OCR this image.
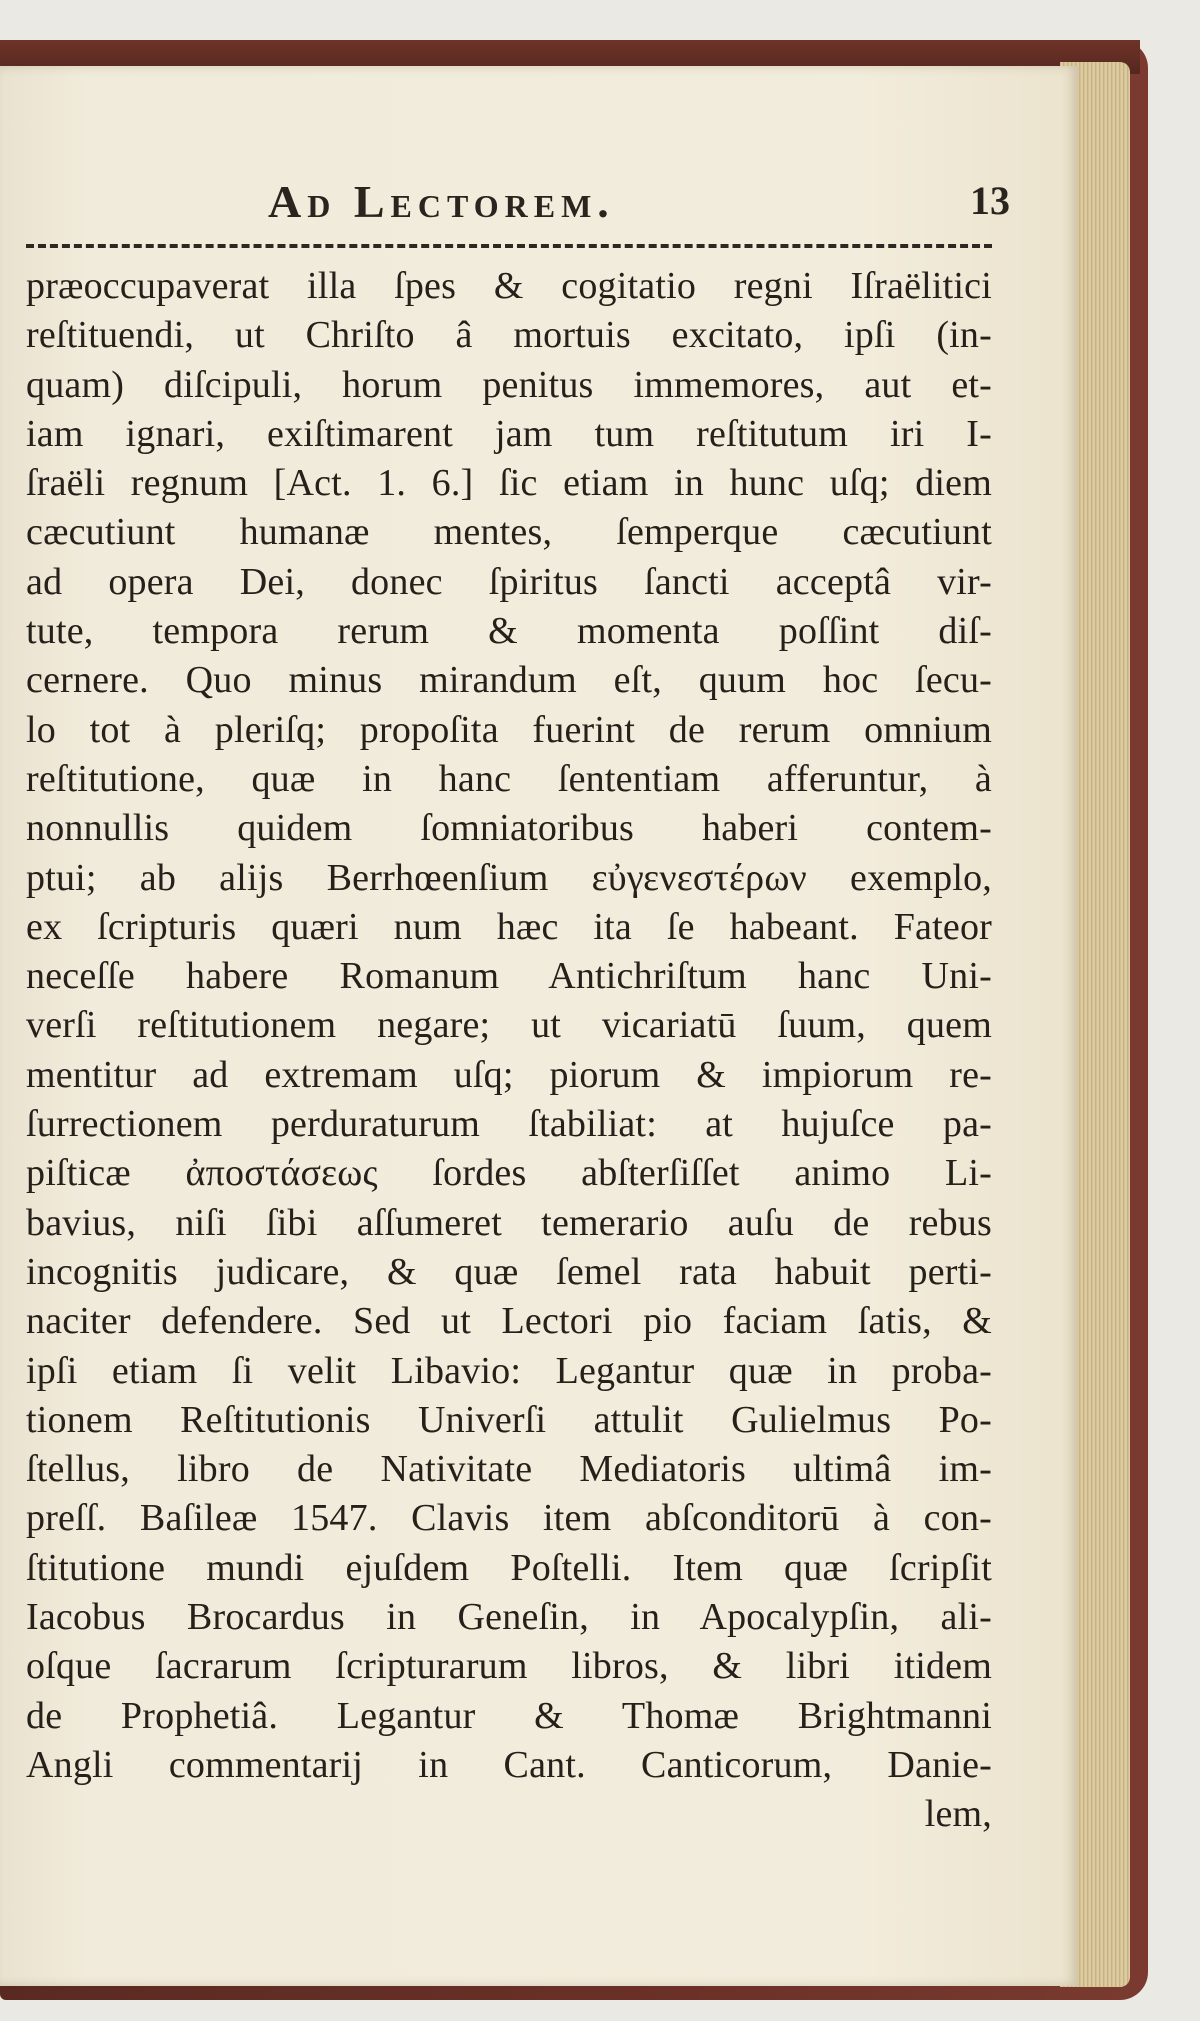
Ad Lectorem.	13
præoccupaverat illa ſpes & cogitatio regni Iſraëlitici
reſtituendi, ut Chriſto â mortuis excitato, ipſi (in-
quam) diſcipuli, horum penitus immemores, aut et-
iam ignari, exiſtimarent jam tum reſtitutum iri I-
ſraëli regnum [Act. 1. 6.] ſic etiam in hunc uſq; diem
cæcutiunt humanæ mentes, ſemperque cæcutiunt
ad opera Dei, donec ſpiritus ſancti acceptâ vir-
tute, tempora rerum & momenta poſſint diſ-
cernere. Quo minus mirandum eſt, quum hoc ſecu-
lo tot à pleriſq; propoſita fuerint de rerum omnium
reſtitutione, quæ in hanc ſententiam afferuntur, à
nonnullis quidem ſomniatoribus haberi contem-
ptui; ab alijs Berrhœenſium εὐγενεστέρων exemplo,
ex ſcripturis quæri num hæc ita ſe habeant. Fateor
neceſſe habere Romanum Antichriſtum hanc Uni-
verſi reſtitutionem negare; ut vicariatū ſuum, quem
mentitur ad extremam uſq; piorum & impiorum re-
ſurrectionem perduraturum ſtabiliat: at hujuſce pa-
piſticæ ἀποστάσεως ſordes abſterſiſſet animo Li-
bavius, niſi ſibi aſſumeret temerario auſu de rebus
incognitis judicare, & quæ ſemel rata habuit perti-
naciter defendere. Sed ut Lectori pio faciam ſatis, &
ipſi etiam ſi velit Libavio: Legantur quæ in proba-
tionem Reſtitutionis Univerſi attulit Gulielmus Po-
ſtellus, libro de Nativitate Mediatoris ultimâ im-
preſſ. Baſileæ 1547. Clavis item abſconditorū à con-
ſtitutione mundi ejuſdem Poſtelli. Item quæ ſcripſit
Iacobus Brocardus in Geneſin, in Apocalypſin, ali-
oſque ſacrarum ſcripturarum libros, & libri itidem
de Prophetiâ. Legantur & Thomæ Brightmanni
Angli commentarij in Cant. Canticorum, Danie-
lem,
